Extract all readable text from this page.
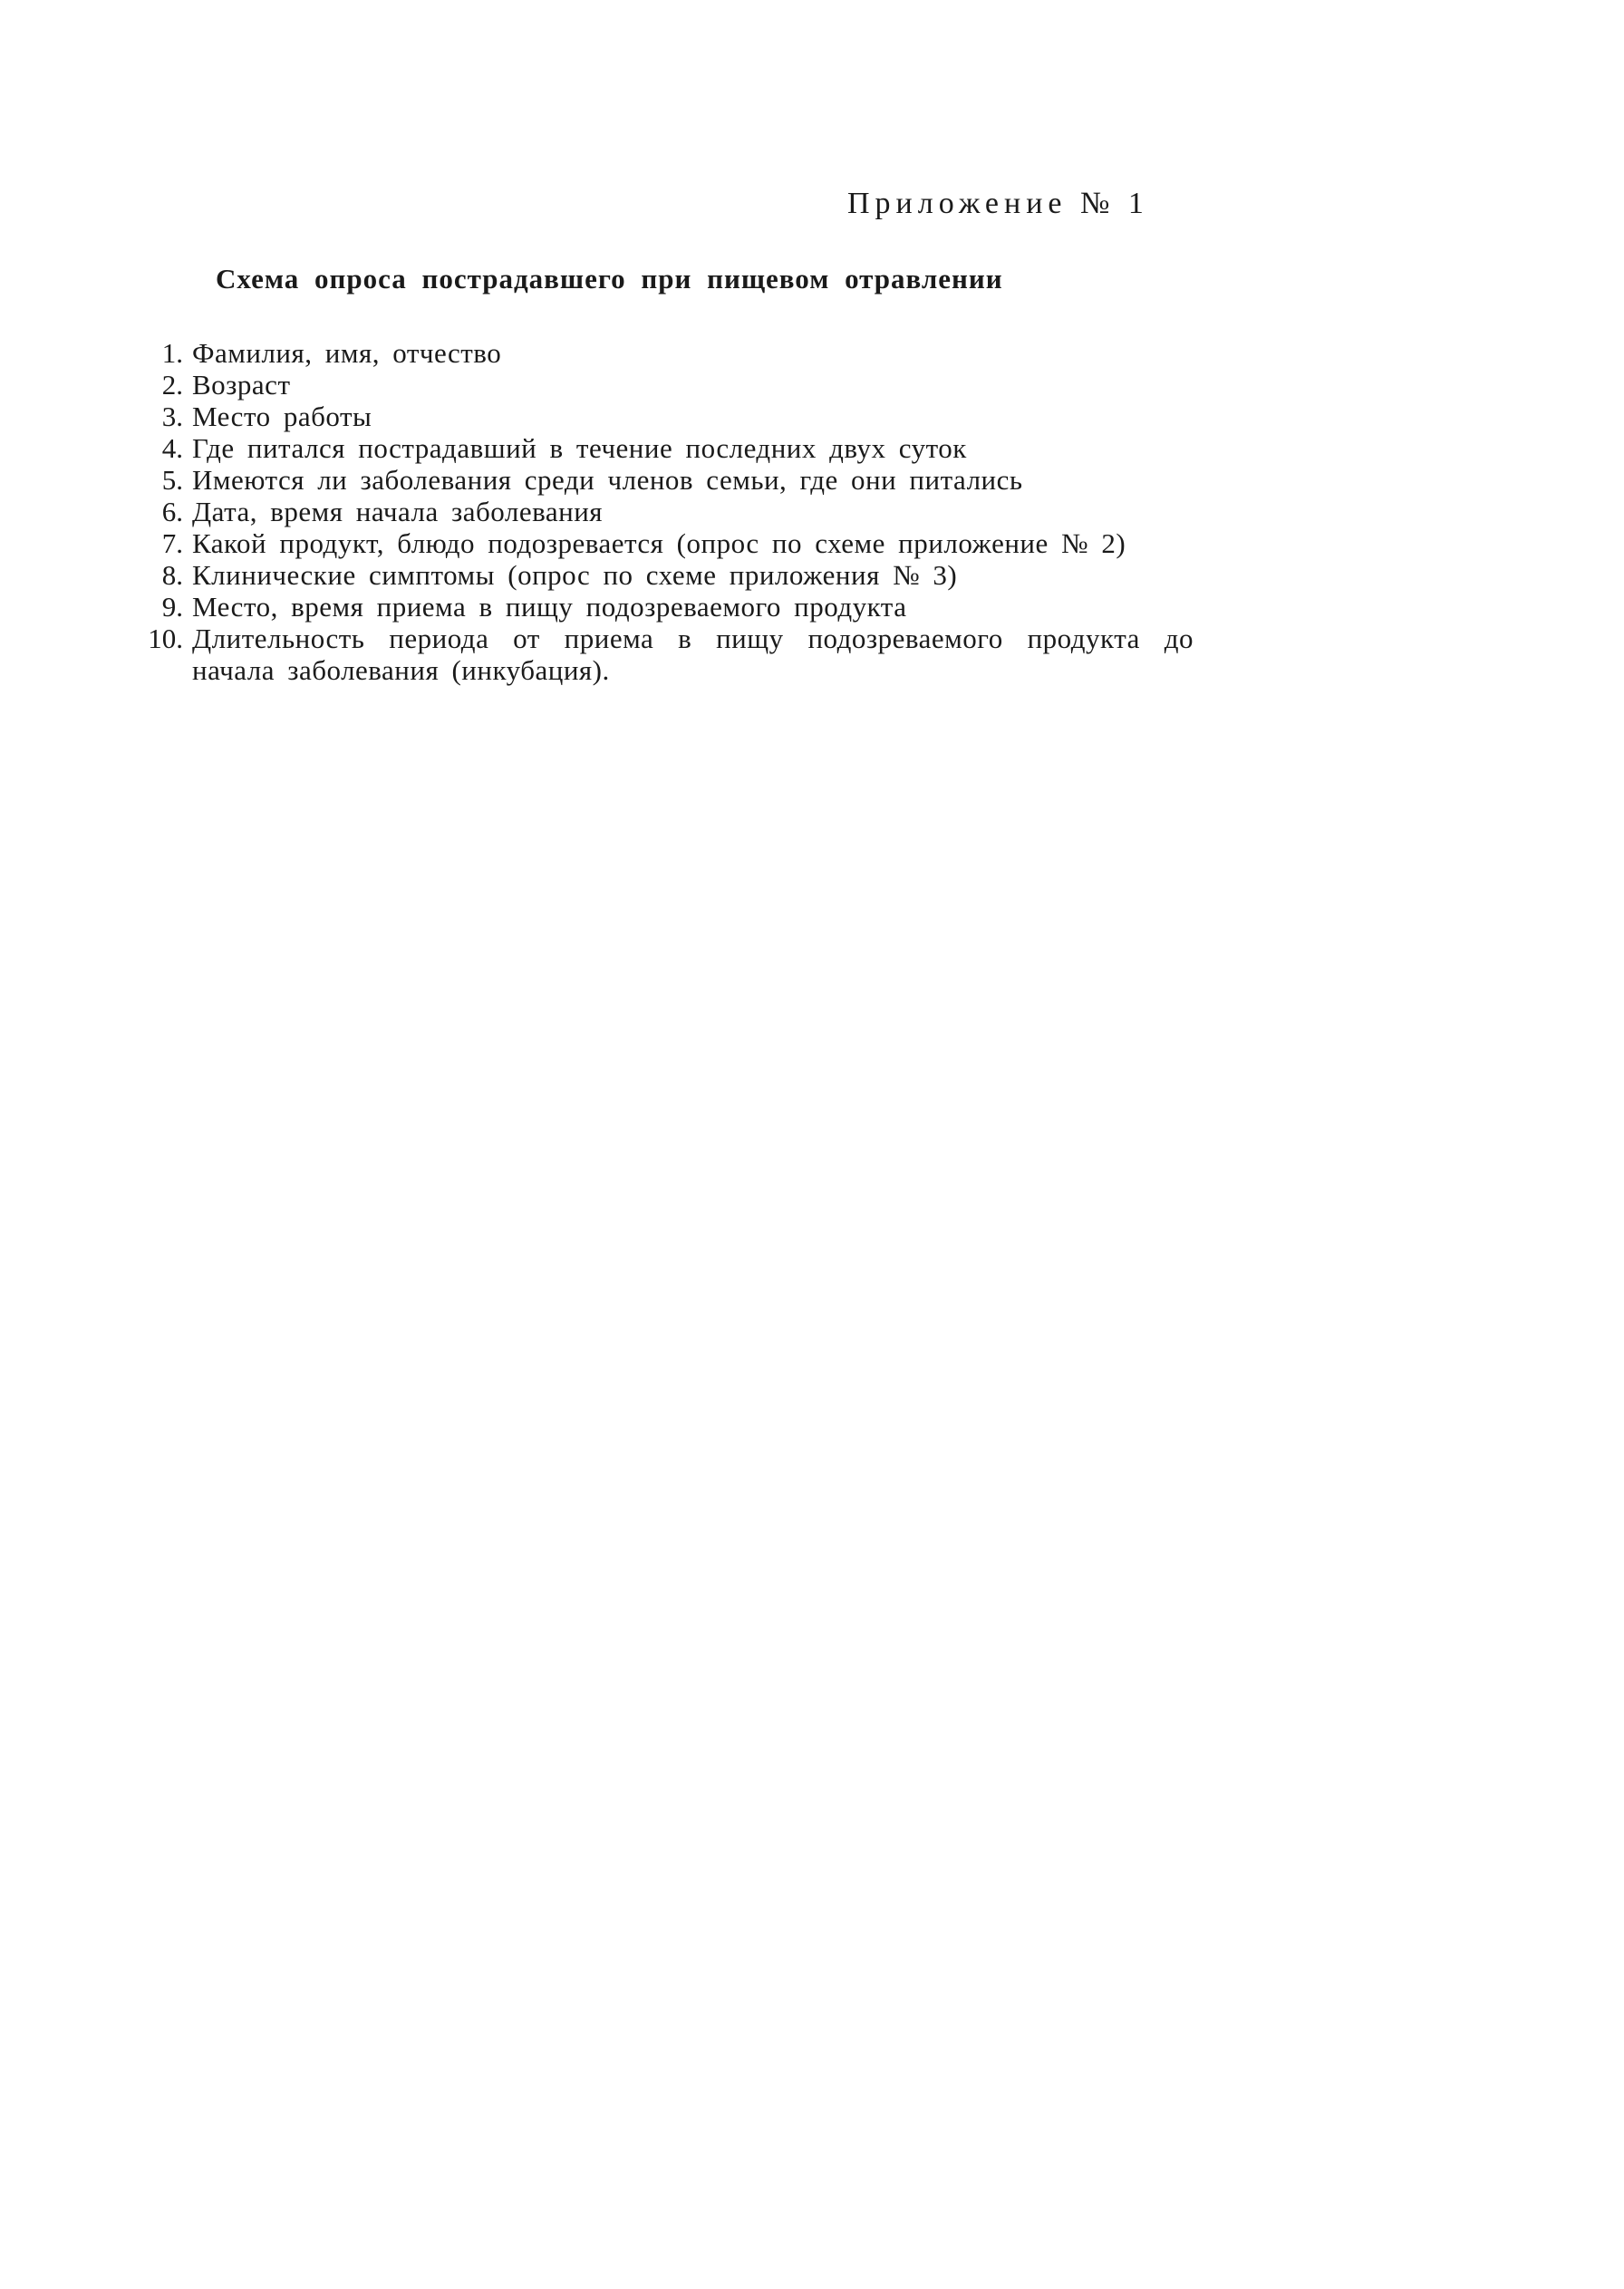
Приложение № 1
Схема опроса пострадавшего при пищевом отравлении
1. Фамилия, имя, отчество
2. Возраст
3. Место работы
4. Где питался пострадавший в течение последних двух суток
5. Имеются ли заболевания среди членов семьи, где они питались
6. Дата, время начала заболевания
7. Какой продукт, блюдо подозревается (опрос по схеме приложение № 2)
8. Клинические симптомы (опрос по схеме приложения № 3)
9. Место, время приема в пищу подозреваемого продукта
10. Длительность периода от приема в пищу подозреваемого продукта до начала заболевания (инкубация).
